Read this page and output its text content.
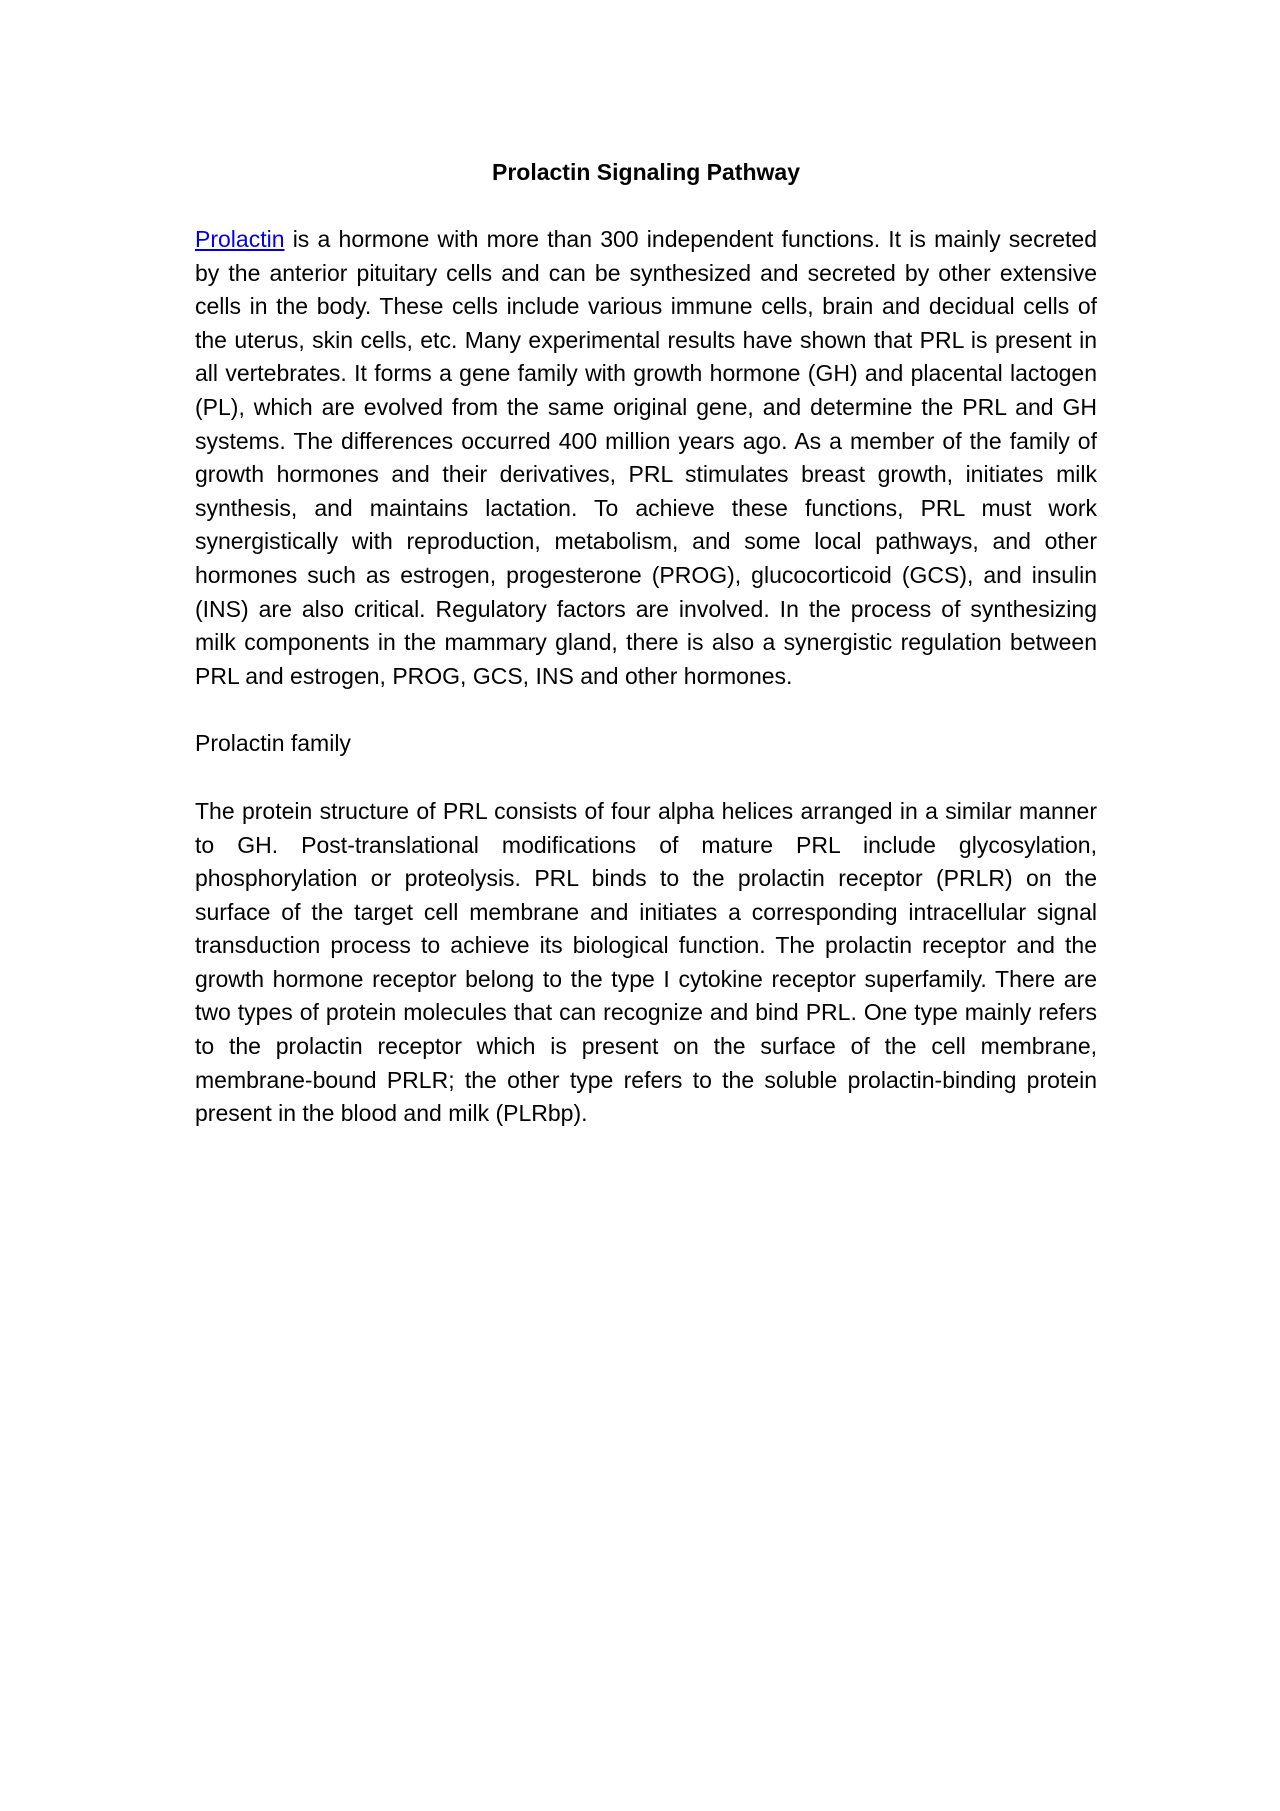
Prolactin Signaling Pathway

Prolactin is a hormone with more than 300 independent functions. It is mainly secreted by the anterior pituitary cells and can be synthesized and secreted by other extensive cells in the body. These cells include various immune cells, brain and decidual cells of the uterus, skin cells, etc. Many experimental results have shown that PRL is present in all vertebrates. It forms a gene family with growth hormone (GH) and placental lactogen (PL), which are evolved from the same original gene, and determine the PRL and GH systems. The differences occurred 400 million years ago. As a member of the family of growth hormones and their derivatives, PRL stimulates breast growth, initiates milk synthesis, and maintains lactation. To achieve these functions, PRL must work synergistically with reproduction, metabolism, and some local pathways, and other hormones such as estrogen, progesterone (PROG), glucocorticoid (GCS), and insulin (INS) are also critical. Regulatory factors are involved. In the process of synthesizing milk components in the mammary gland, there is also a synergistic regulation between PRL and estrogen, PROG, GCS, INS and other hormones.

Prolactin family

The protein structure of PRL consists of four alpha helices arranged in a similar manner to GH. Post-translational modifications of mature PRL include glycosylation, phosphorylation or proteolysis. PRL binds to the prolactin receptor (PRLR) on the surface of the target cell membrane and initiates a corresponding intracellular signal transduction process to achieve its biological function. The prolactin receptor and the growth hormone receptor belong to the type I cytokine receptor superfamily. There are two types of protein molecules that can recognize and bind PRL. One type mainly refers to the prolactin receptor which is present on the surface of the cell membrane, membrane-bound PRLR; the other type refers to the soluble prolactin-binding protein present in the blood and milk (PLRbp).
